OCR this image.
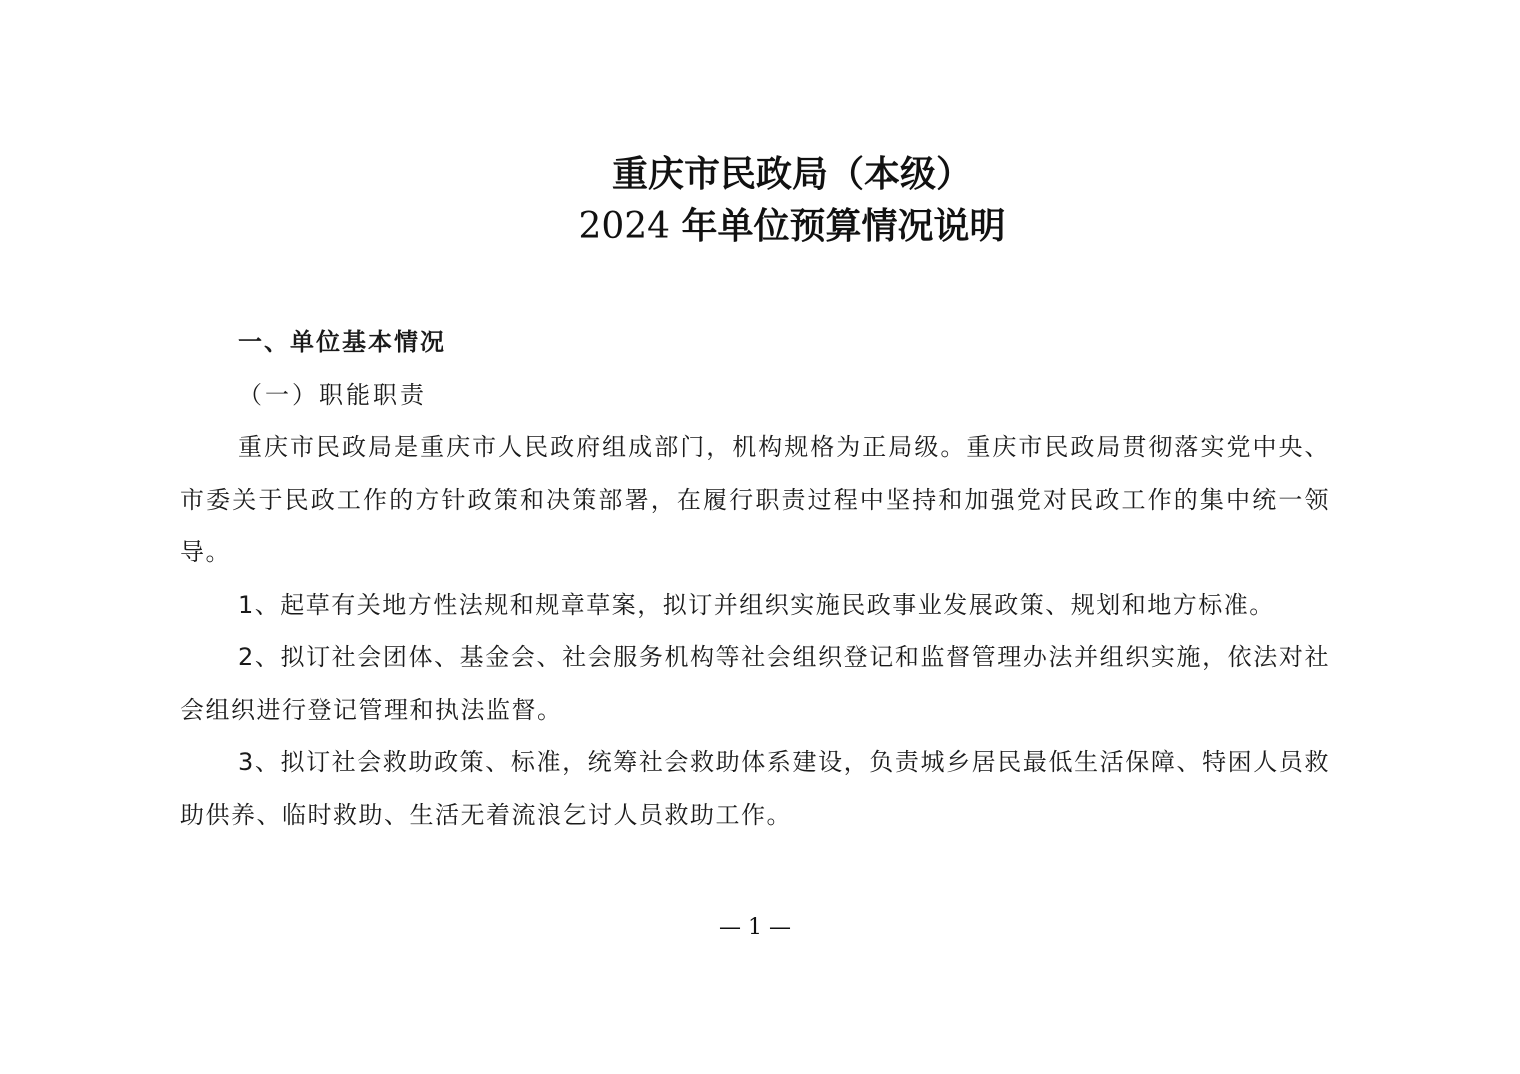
重庆市民政局（本级）
2024 年单位预算情况说明

一、单位基本情况

（一）职能职责

重庆市民政局是重庆市人民政府组成部门，机构规格为正局级。重庆市民政局贯彻落实党中央、市委关于民政工作的方针政策和决策部署，在履行职责过程中坚持和加强党对民政工作的集中统一领导。

1、起草有关地方性法规和规章草案，拟订并组织实施民政事业发展政策、规划和地方标准。

2、拟订社会团体、基金会、社会服务机构等社会组织登记和监督管理办法并组织实施，依法对社会组织进行登记管理和执法监督。

3、拟订社会救助政策、标准，统筹社会救助体系建设，负责城乡居民最低生活保障、特困人员救助供养、临时救助、生活无着流浪乞讨人员救助工作。

— 1 —
